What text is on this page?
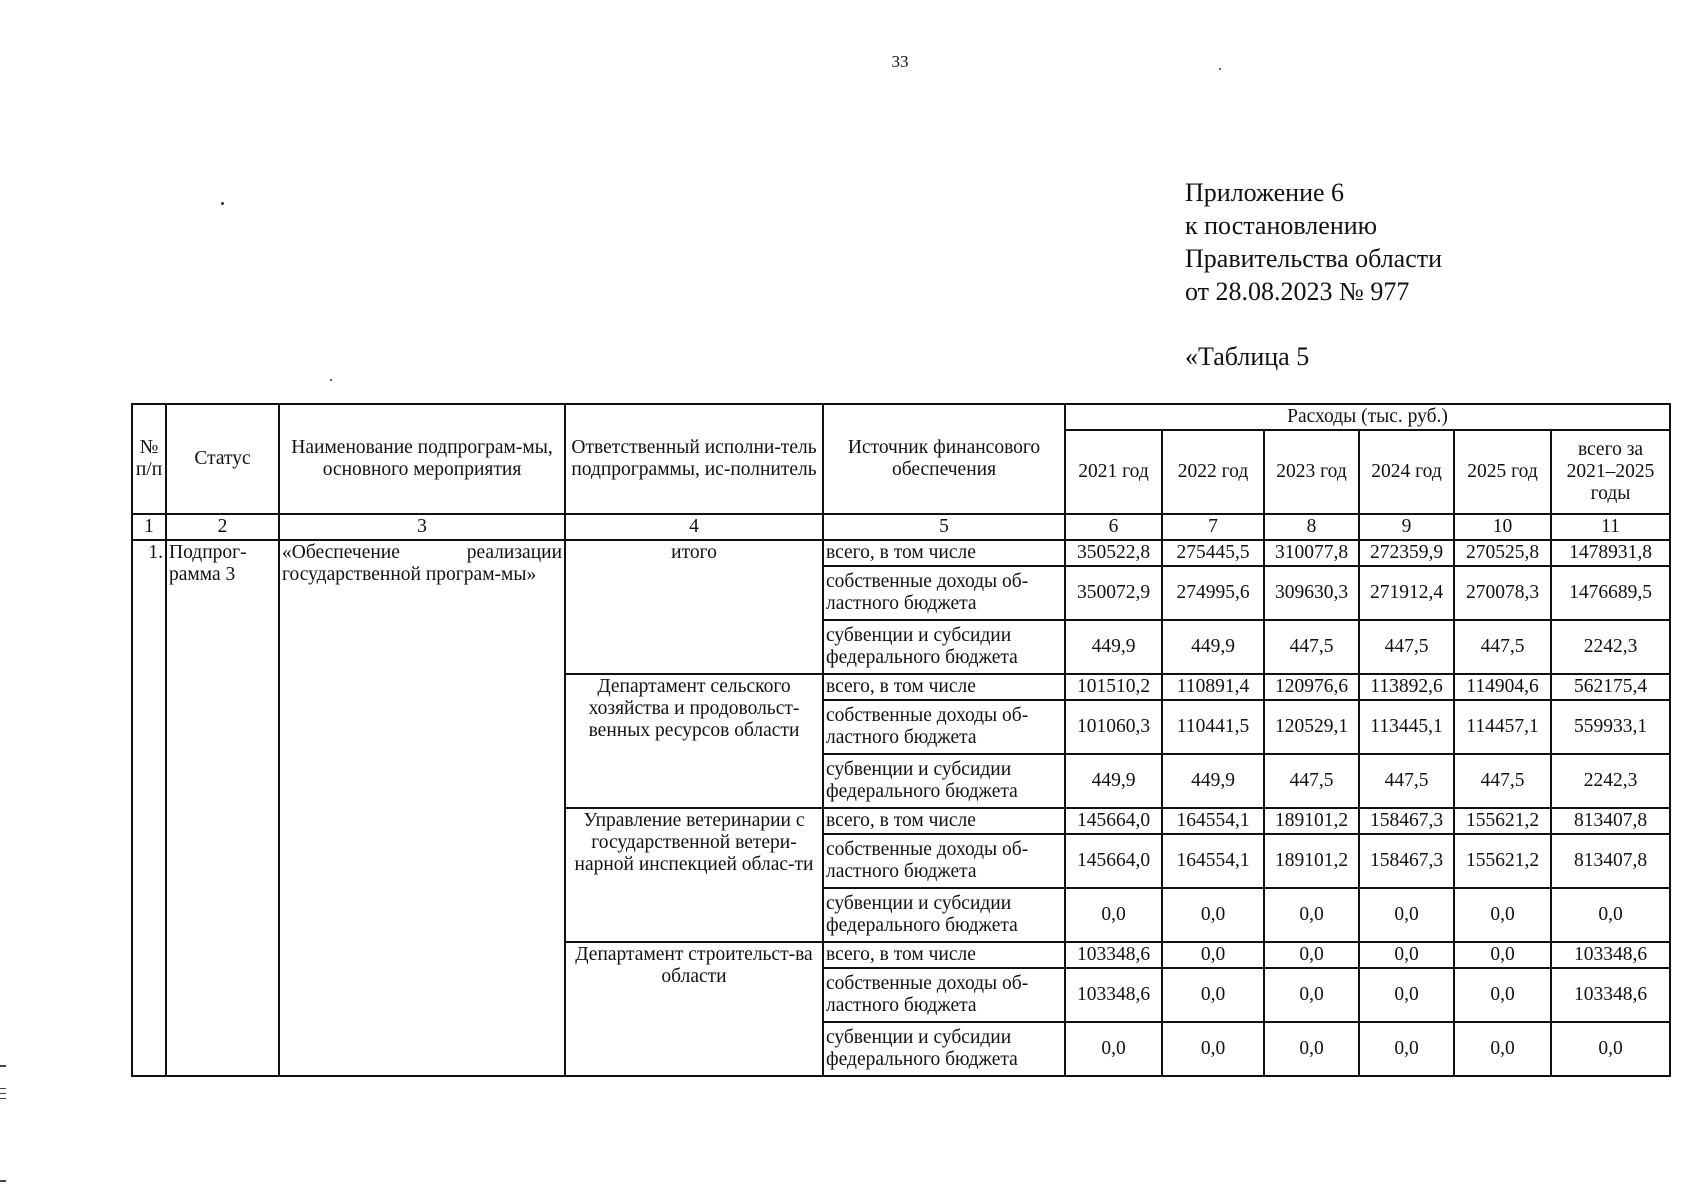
33
Приложение 6
к постановлению
Правительства области
от 28.08.2023 № 977
«Таблица 5
№ п/п	Статус	Наименование подпрограм-мы, основного мероприятия	Ответственный исполни-тель подпрограммы, ис-полнитель	Источник финансового обеспечения	Расходы (тыс. руб.)					
					2021 год	2022 год	2023 год	2024 год	2025 год	всего за 2021–2025 годы
1	2	3	4	5	6	7	8	9	10	11
1.	Подпрог-рамма 3	«Обеспечение реализации государственной програм-мы»	итого	всего, в том числе	350522,8	275445,5	310077,8	272359,9	270525,8	1478931,8
				собственные доходы об-ластного бюджета	350072,9	274995,6	309630,3	271912,4	270078,3	1476689,5
				субвенции и субсидии федерального бюджета	449,9	449,9	447,5	447,5	447,5	2242,3
			Департамент сельского хозяйства и продовольст-венных ресурсов области	всего, в том числе	101510,2	110891,4	120976,6	113892,6	114904,6	562175,4
				собственные доходы об-ластного бюджета	101060,3	110441,5	120529,1	113445,1	114457,1	559933,1
				субвенции и субсидии федерального бюджета	449,9	449,9	447,5	447,5	447,5	2242,3
			Управление ветеринарии с государственной ветери-нарной инспекцией облас-ти	всего, в том числе	145664,0	164554,1	189101,2	158467,3	155621,2	813407,8
				собственные доходы об-ластного бюджета	145664,0	164554,1	189101,2	158467,3	155621,2	813407,8
				субвенции и субсидии федерального бюджета	0,0	0,0	0,0	0,0	0,0	0,0
			Департамент строительст-ва области	всего, в том числе	103348,6	0,0	0,0	0,0	0,0	103348,6
				собственные доходы об-ластного бюджета	103348,6	0,0	0,0	0,0	0,0	103348,6
				субвенции и субсидии федерального бюджета	0,0	0,0	0,0	0,0	0,0	0,0
